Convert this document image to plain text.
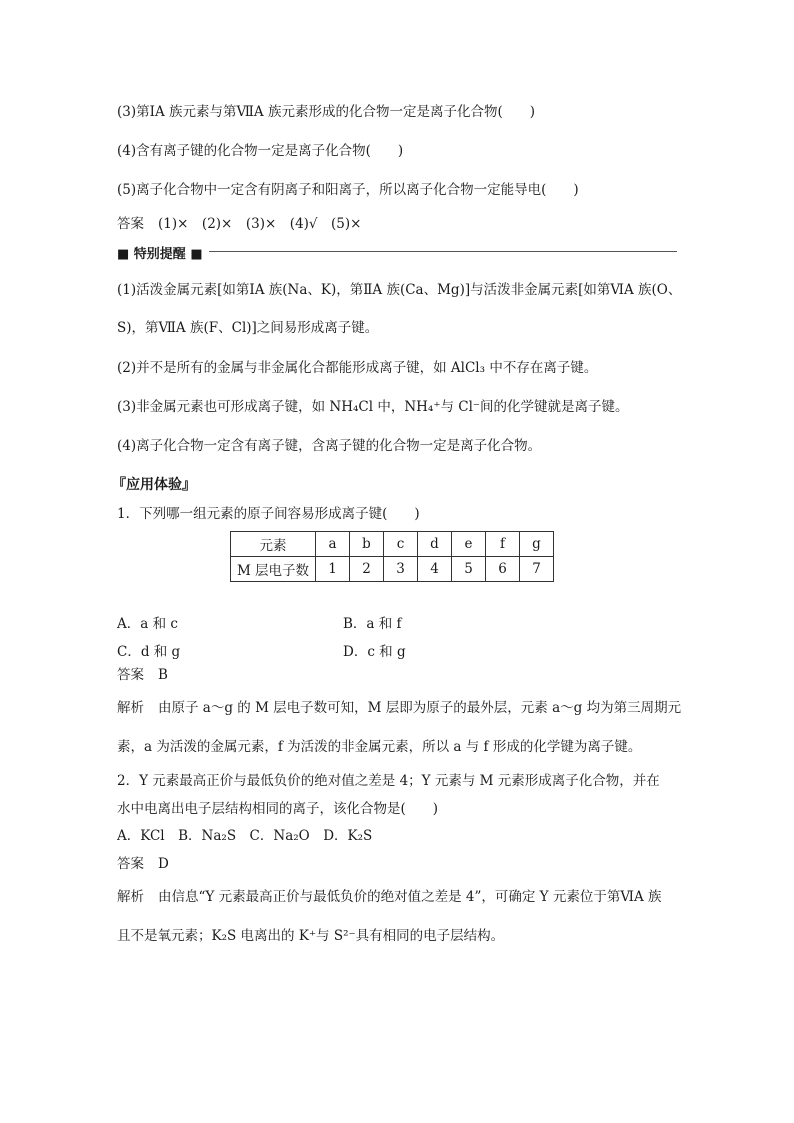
(3)第ⅠA 族元素与第ⅦA 族元素形成的化合物一定是离子化合物(　　)
(4)含有离子键的化合物一定是离子化合物(　　)
(5)离子化合物中一定含有阴离子和阳离子，所以离子化合物一定能导电(　　)
答案 (1)×　(2)×　(3)×　(4)√　(5)×
■ 特别提醒 ■
(1)活泼金属元素[如第ⅠA 族(Na、K)，第ⅡA 族(Ca、Mg)]与活泼非金属元素[如第ⅥA 族(O、
S)，第ⅦA 族(F、Cl)]之间易形成离子键。
(2)并不是所有的金属与非金属化合都能形成离子键，如 AlCl₃ 中不存在离子键。
(3)非金属元素也可形成离子键，如 NH₄Cl 中，NH₄⁺与 Cl⁻间的化学键就是离子键。
(4)离子化合物一定含有离子键，含离子键的化合物一定是离子化合物。
『应用体验』
1．下列哪一组元素的原子间容易形成离子键(　　)
元素	a	b	c	d	e	f	g
M 层电子数	1	2	3	4	5	6	7
A．a 和 c	B．a 和 f
C．d 和 g	D．c 和 g
答案 B
解析 由原子 a～g 的 M 层电子数可知，M 层即为原子的最外层，元素 a～g 均为第三周期元
素，a 为活泼的金属元素，f 为活泼的非金属元素，所以 a 与 f 形成的化学键为离子键。
2．Y 元素最高正价与最低负价的绝对值之差是 4；Y 元素与 M 元素形成离子化合物，并在
水中电离出电子层结构相同的离子，该化合物是(　　)
A．KCl　B．Na₂S　C．Na₂O　D．K₂S
答案 D
解析 由信息“Y 元素最高正价与最低负价的绝对值之差是 4”，可确定 Y 元素位于第ⅥA 族
且不是氧元素；K₂S 电离出的 K⁺与 S²⁻具有相同的电子层结构。
